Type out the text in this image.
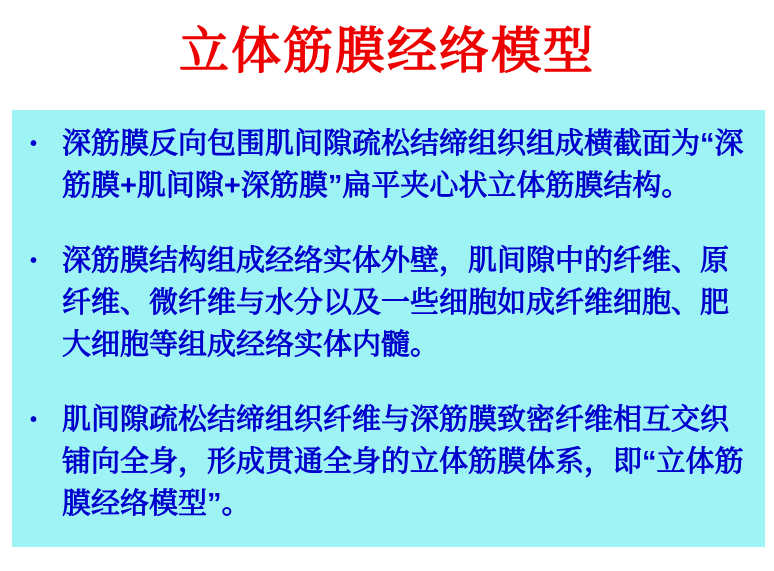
立体筋膜经络模型
• 深筋膜反向包围肌间隙疏松结缔组织组成横截面为“深筋膜+肌间隙+深筋膜”扁平夹心状立体筋膜结构。

• 深筋膜结构组成经络实体外壁，肌间隙中的纤维、原纤维、微纤维与水分以及一些细胞如成纤维细胞、肥大细胞等组成经络实体内髓。

• 肌间隙疏松结缔组织纤维与深筋膜致密纤维相互交织铺向全身，形成贯通全身的立体筋膜体系，即“立体筋膜经络模型”。
